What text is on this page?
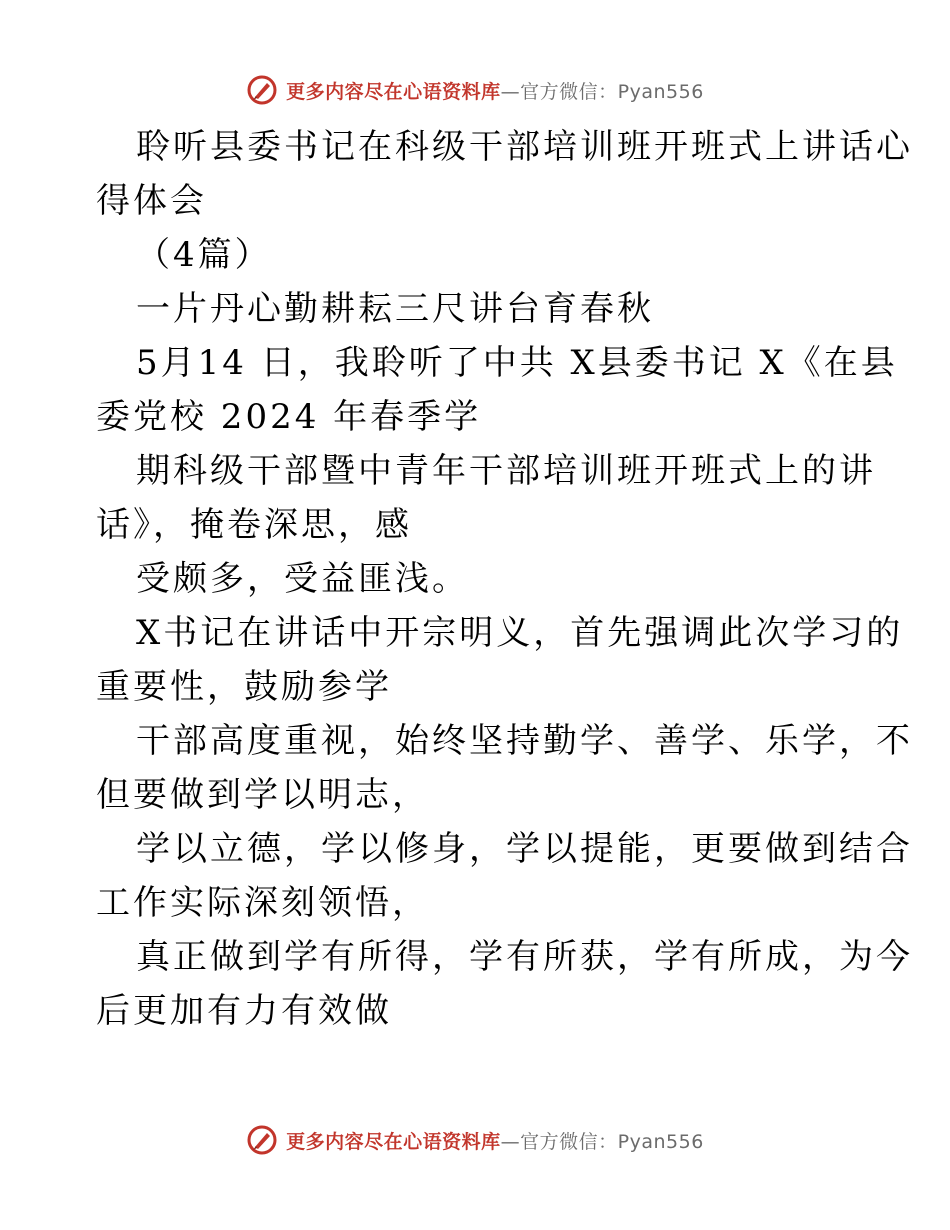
更多内容尽在心语资料库—官方微信：Pyan556
聆听县委书记在科级干部培训班开班式上讲话心
得体会
（4篇）
一片丹心勤耕耘三尺讲台育春秋
5月14 日，我聆听了中共 X县委书记 X《在县
委党校 2024 年春季学
期科级干部暨中青年干部培训班开班式上的讲
话》，掩卷深思，感
受颇多，受益匪浅。
X书记在讲话中开宗明义，首先强调此次学习的
重要性，鼓励参学
干部高度重视，始终坚持勤学、善学、乐学，不
但要做到学以明志，
学以立德，学以修身，学以提能，更要做到结合
工作实际深刻领悟，
真正做到学有所得，学有所获，学有所成，为今
后更加有力有效做
更多内容尽在心语资料库—官方微信：Pyan556
